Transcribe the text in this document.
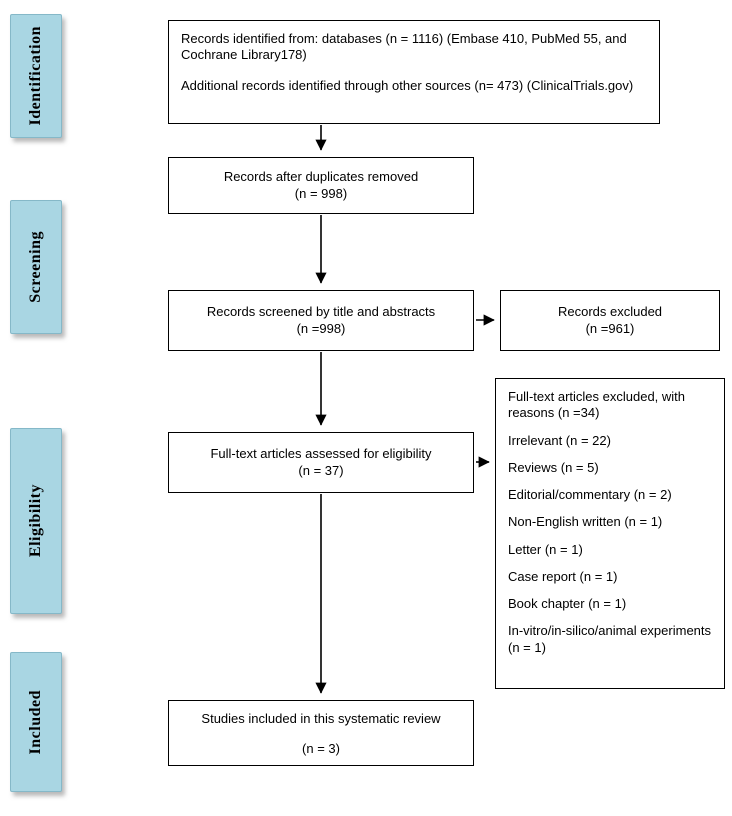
Identification
Screening
Eligibility
Included

Records identified from: databases (n = 1116) (Embase 410, PubMed 55, and Cochrane Library178)

Additional records identified through other sources (n= 473) (ClinicalTrials.gov)

Records after duplicates removed
(n = 998)
Records screened by title and abstracts
(n =998)
Records excluded
(n =961)
Full-text articles assessed for eligibility
(n = 37)
Full-text articles excluded, with reasons (n =34)
Irrelevant (n = 22)
Reviews (n = 5)
Editorial/commentary (n = 2)
Non-English written (n = 1)
Letter (n = 1)
Case report (n = 1)
Book chapter (n = 1)
In-vitro/in-silico/animal experiments (n = 1)
Studies included in this systematic review
(n = 3)
